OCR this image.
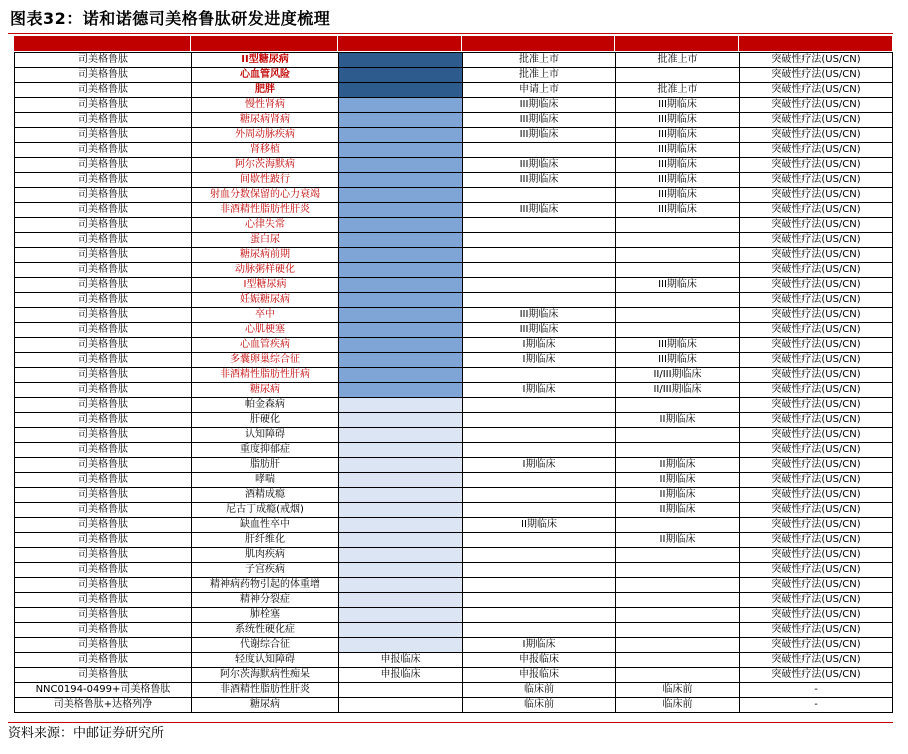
图表32：诺和诺德司美格鲁肽研发进度梳理
司美格鲁肽	II型糖尿病		批准上市	批准上市	突破性疗法(US/CN)
司美格鲁肽	心血管风险		批准上市		突破性疗法(US/CN)
司美格鲁肽	肥胖		申请上市	批准上市	突破性疗法(US/CN)
司美格鲁肽	慢性肾病		III期临床	III期临床	突破性疗法(US/CN)
司美格鲁肽	糖尿病肾病		III期临床	III期临床	突破性疗法(US/CN)
司美格鲁肽	外周动脉疾病		III期临床	III期临床	突破性疗法(US/CN)
司美格鲁肽	肾移植			III期临床	突破性疗法(US/CN)
司美格鲁肽	阿尔茨海默病		III期临床	III期临床	突破性疗法(US/CN)
司美格鲁肽	间歇性跛行		III期临床	III期临床	突破性疗法(US/CN)
司美格鲁肽	射血分数保留的心力衰竭			III期临床	突破性疗法(US/CN)
司美格鲁肽	非酒精性脂肪性肝炎		III期临床	III期临床	突破性疗法(US/CN)
司美格鲁肽	心律失常				突破性疗法(US/CN)
司美格鲁肽	蛋白尿				突破性疗法(US/CN)
司美格鲁肽	糖尿病前期				突破性疗法(US/CN)
司美格鲁肽	动脉粥样硬化				突破性疗法(US/CN)
司美格鲁肽	I型糖尿病			III期临床	突破性疗法(US/CN)
司美格鲁肽	妊娠糖尿病				突破性疗法(US/CN)
司美格鲁肽	卒中		III期临床		突破性疗法(US/CN)
司美格鲁肽	心肌梗塞		III期临床		突破性疗法(US/CN)
司美格鲁肽	心血管疾病		I期临床	III期临床	突破性疗法(US/CN)
司美格鲁肽	多囊卵巢综合征		I期临床	III期临床	突破性疗法(US/CN)
司美格鲁肽	非酒精性脂肪性肝病			II/III期临床	突破性疗法(US/CN)
司美格鲁肽	糖尿病		I期临床	II/III期临床	突破性疗法(US/CN)
司美格鲁肽	帕金森病				突破性疗法(US/CN)
司美格鲁肽	肝硬化			II期临床	突破性疗法(US/CN)
司美格鲁肽	认知障碍				突破性疗法(US/CN)
司美格鲁肽	重度抑郁症				突破性疗法(US/CN)
司美格鲁肽	脂肪肝		I期临床	II期临床	突破性疗法(US/CN)
司美格鲁肽	哮喘			II期临床	突破性疗法(US/CN)
司美格鲁肽	酒精成瘾			II期临床	突破性疗法(US/CN)
司美格鲁肽	尼古丁成瘾(戒烟)			II期临床	突破性疗法(US/CN)
司美格鲁肽	缺血性卒中		II期临床		突破性疗法(US/CN)
司美格鲁肽	肝纤维化			II期临床	突破性疗法(US/CN)
司美格鲁肽	肌肉疾病				突破性疗法(US/CN)
司美格鲁肽	子宫疾病				突破性疗法(US/CN)
司美格鲁肽	精神病药物引起的体重增				突破性疗法(US/CN)
司美格鲁肽	精神分裂症				突破性疗法(US/CN)
司美格鲁肽	肺栓塞				突破性疗法(US/CN)
司美格鲁肽	系统性硬化症				突破性疗法(US/CN)
司美格鲁肽	代谢综合征		I期临床		突破性疗法(US/CN)
司美格鲁肽	轻度认知障碍	申报临床	申报临床		突破性疗法(US/CN)
司美格鲁肽	阿尔茨海默病性痴呆	申报临床	申报临床		突破性疗法(US/CN)
NNC0194-0499+司美格鲁肽	非酒精性脂肪性肝炎		临床前	临床前	-
司美格鲁肽+达格列净	糖尿病		临床前	临床前	-
资料来源：中邮证券研究所
